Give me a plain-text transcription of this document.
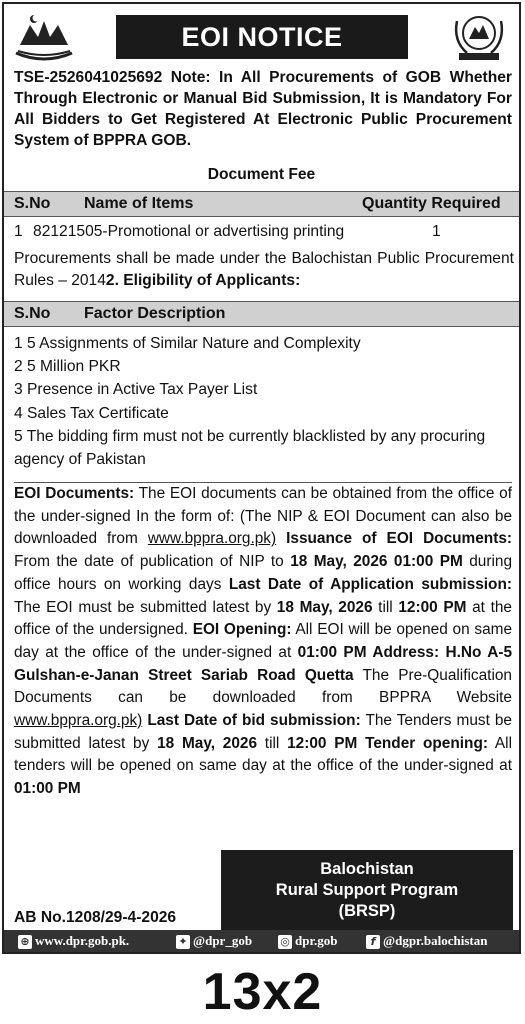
EOI NOTICE
TSE-2526041025692 Note: In All Procurements of GOB Whether Through Electronic or Manual Bid Submission, It is Mandatory For All Bidders to Get Registered At Electronic Public Procurement System of BPPRA GOB.
Document Fee
S.No Name of Items	Quantity Required
1 82121505-Promotional or advertising printing	1
Procurements shall be made under the Balochistan Public Procurement Rules – 20142. Eligibility of Applicants:
S.No Factor Description
1 5 Assignments of Similar Nature and Complexity
2 5 Million PKR
3 Presence in Active Tax Payer List
4 Sales Tax Certificate
5 The bidding firm must not be currently blacklisted by any procuring agency of Pakistan
EOI Documents: The EOI documents can be obtained from the office of the under-signed In the form of: (The NIP & EOI Document can also be downloaded from www.bppra.org.pk) Issuance of EOI Documents: From the date of publication of NIP to 18 May, 2026 01:00 PM during office hours on working days Last Date of Application submission: The EOI must be submitted latest by 18 May, 2026 till 12:00 PM at the office of the undersigned. EOI Opening: All EOI will be opened on same day at the office of the under-signed at 01:00 PM Address: H.No A-5 Gulshan-e-Janan Street Sariab Road Quetta The Pre-Qualification Documents can be downloaded from BPPRA Website www.bppra.org.pk) Last Date of bid submission: The Tenders must be submitted latest by 18 May, 2026 till 12:00 PM Tender opening: All tenders will be opened on same day at the office of the under-signed at 01:00 PM
Balochistan
Rural Support Program
(BRSP)
AB No.1208/29-4-2026
⊕ www.dpr.gob.pk.	✦ @dpr_gob	◎ dpr.gob	f @dgpr.balochistan
13x2
